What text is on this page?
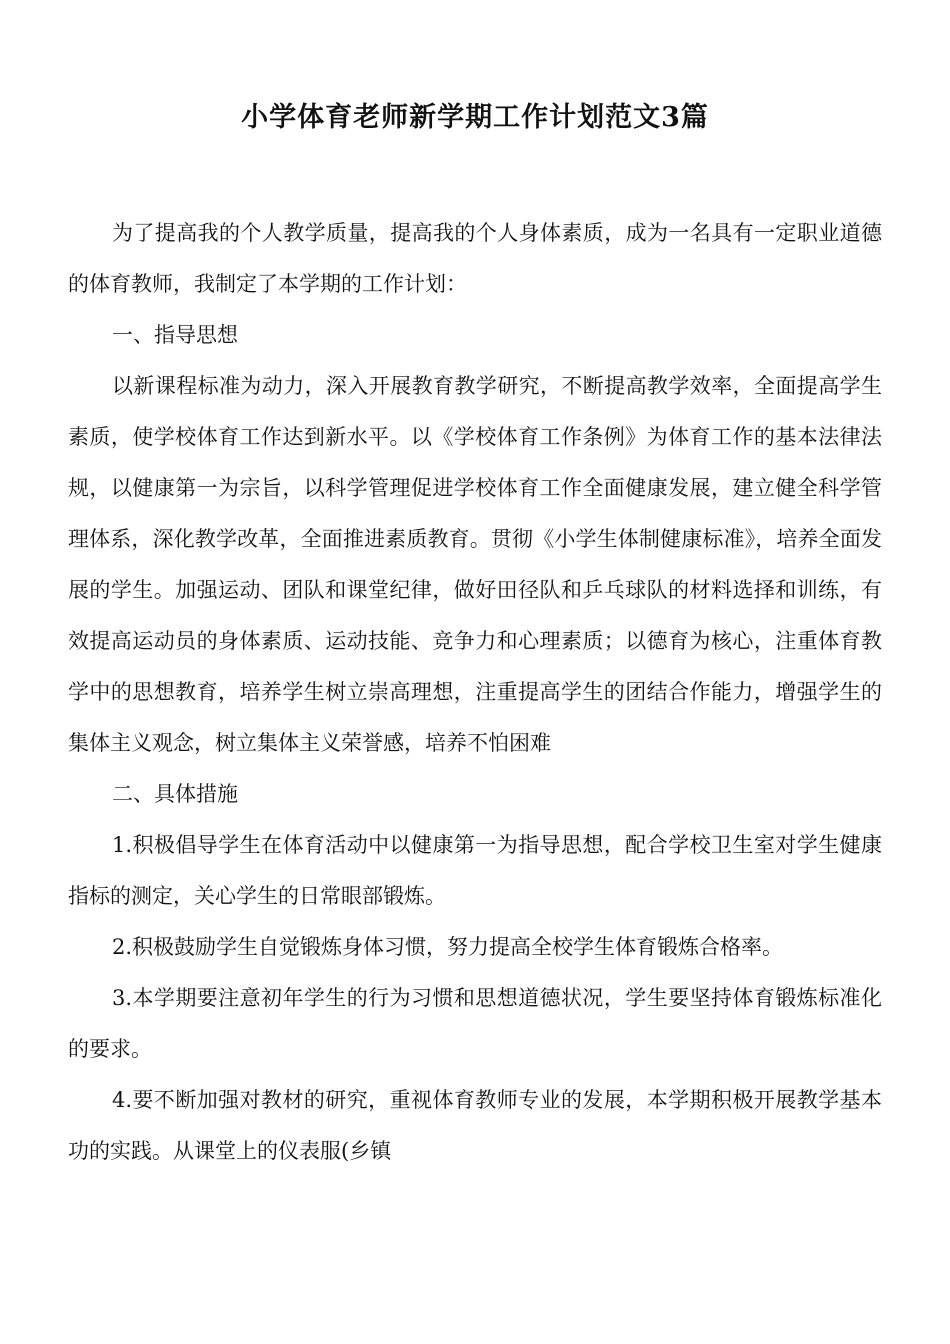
小学体育老师新学期工作计划范文3篇

为了提高我的个人教学质量，提高我的个人身体素质，成为一名具有一定职业道德的体育教师，我制定了本学期的工作计划：

一、指导思想

以新课程标准为动力，深入开展教育教学研究，不断提高教学效率，全面提高学生素质，使学校体育工作达到新水平。以《学校体育工作条例》为体育工作的基本法律法规，以健康第一为宗旨，以科学管理促进学校体育工作全面健康发展，建立健全科学管理体系，深化教学改革，全面推进素质教育。贯彻《小学生体制健康标准》，培养全面发展的学生。加强运动、团队和课堂纪律，做好田径队和乒乓球队的材料选择和训练，有效提高运动员的身体素质、运动技能、竞争力和心理素质；以德育为核心，注重体育教学中的思想教育，培养学生树立崇高理想，注重提高学生的团结合作能力，增强学生的集体主义观念，树立集体主义荣誉感，培养不怕困难

二、具体措施

1.积极倡导学生在体育活动中以健康第一为指导思想，配合学校卫生室对学生健康指标的测定，关心学生的日常眼部锻炼。

2.积极鼓励学生自觉锻炼身体习惯，努力提高全校学生体育锻炼合格率。

3.本学期要注意初年学生的行为习惯和思想道德状况，学生要坚持体育锻炼标准化的要求。

4.要不断加强对教材的研究，重视体育教师专业的发展，本学期积极开展教学基本功的实践。从课堂上的仪表服(乡镇
